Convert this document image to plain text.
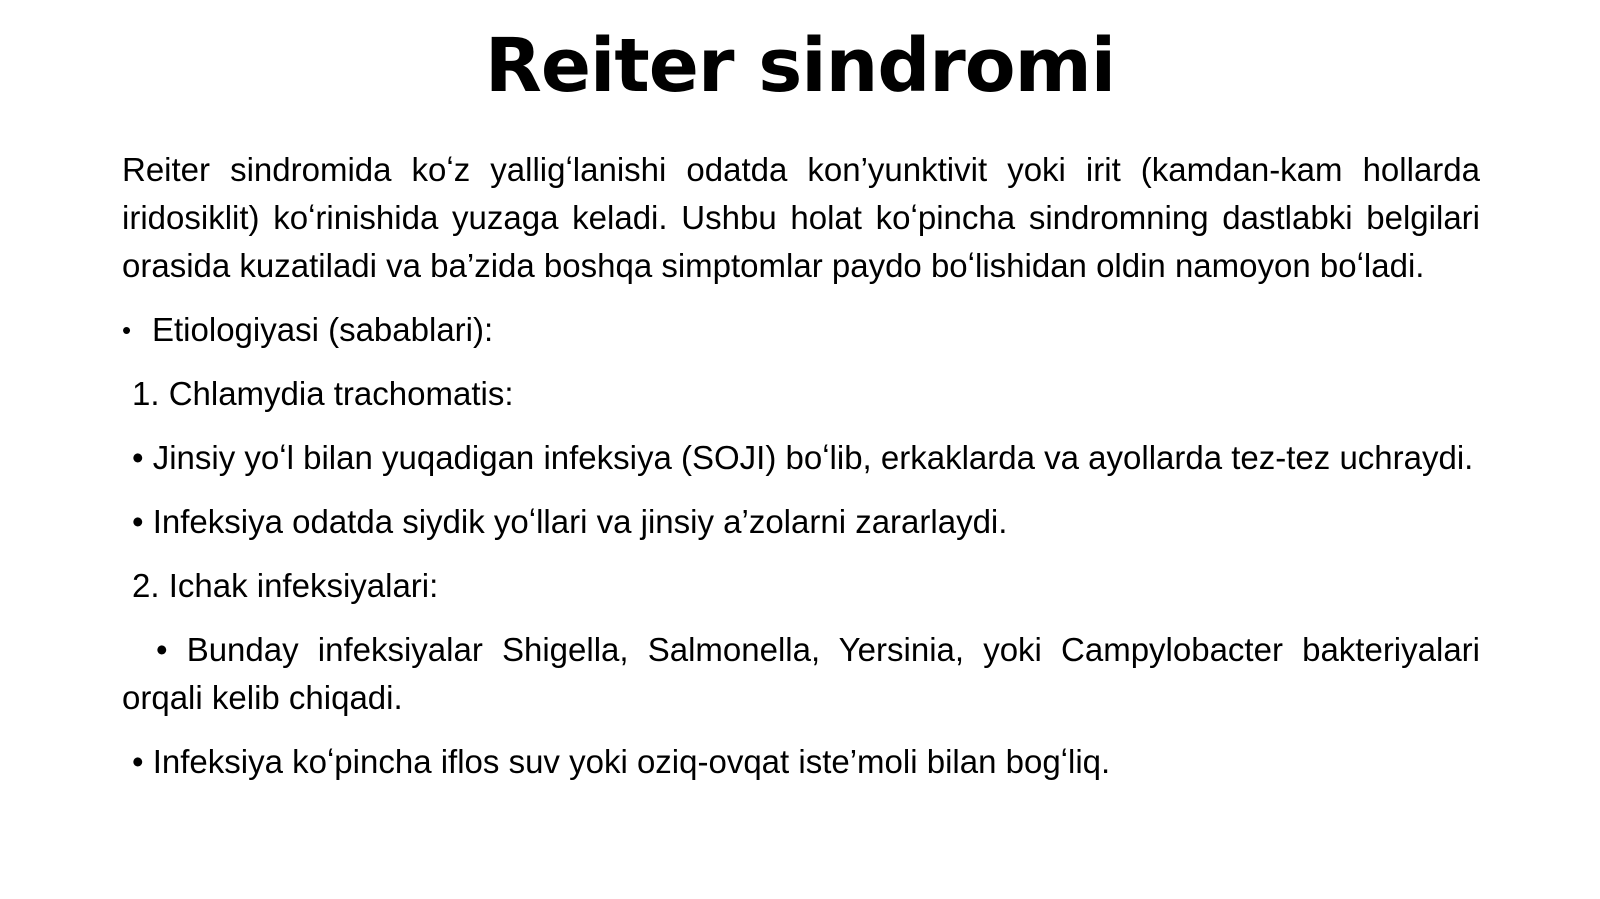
Reiter sindromi

Reiter sindromida koʻz yalligʻlanishi odatda kon’yunktivit yoki irit (kamdan-kam hollarda iridosiklit) koʻrinishida yuzaga keladi. Ushbu holat koʻpincha sindromning dastlabki belgilari orasida kuzatiladi va ba’zida boshqa simptomlar paydo boʻlishidan oldin namoyon boʻladi.

• Etiologiyasi (sabablari):
1. Chlamydia trachomatis:

• Jinsiy yoʻl bilan yuqadigan infeksiya (SOJI) boʻlib, erkaklarda va ayollarda tez-tez uchraydi.

• Infeksiya odatda siydik yoʻllari va jinsiy a’zolarni zararlaydi.

2. Ichak infeksiyalari:

• Bunday infeksiyalar Shigella, Salmonella, Yersinia, yoki Campylobacter bakteriyalari orqali kelib chiqadi.

• Infeksiya koʻpincha iflos suv yoki oziq-ovqat iste’moli bilan bogʻliq.
